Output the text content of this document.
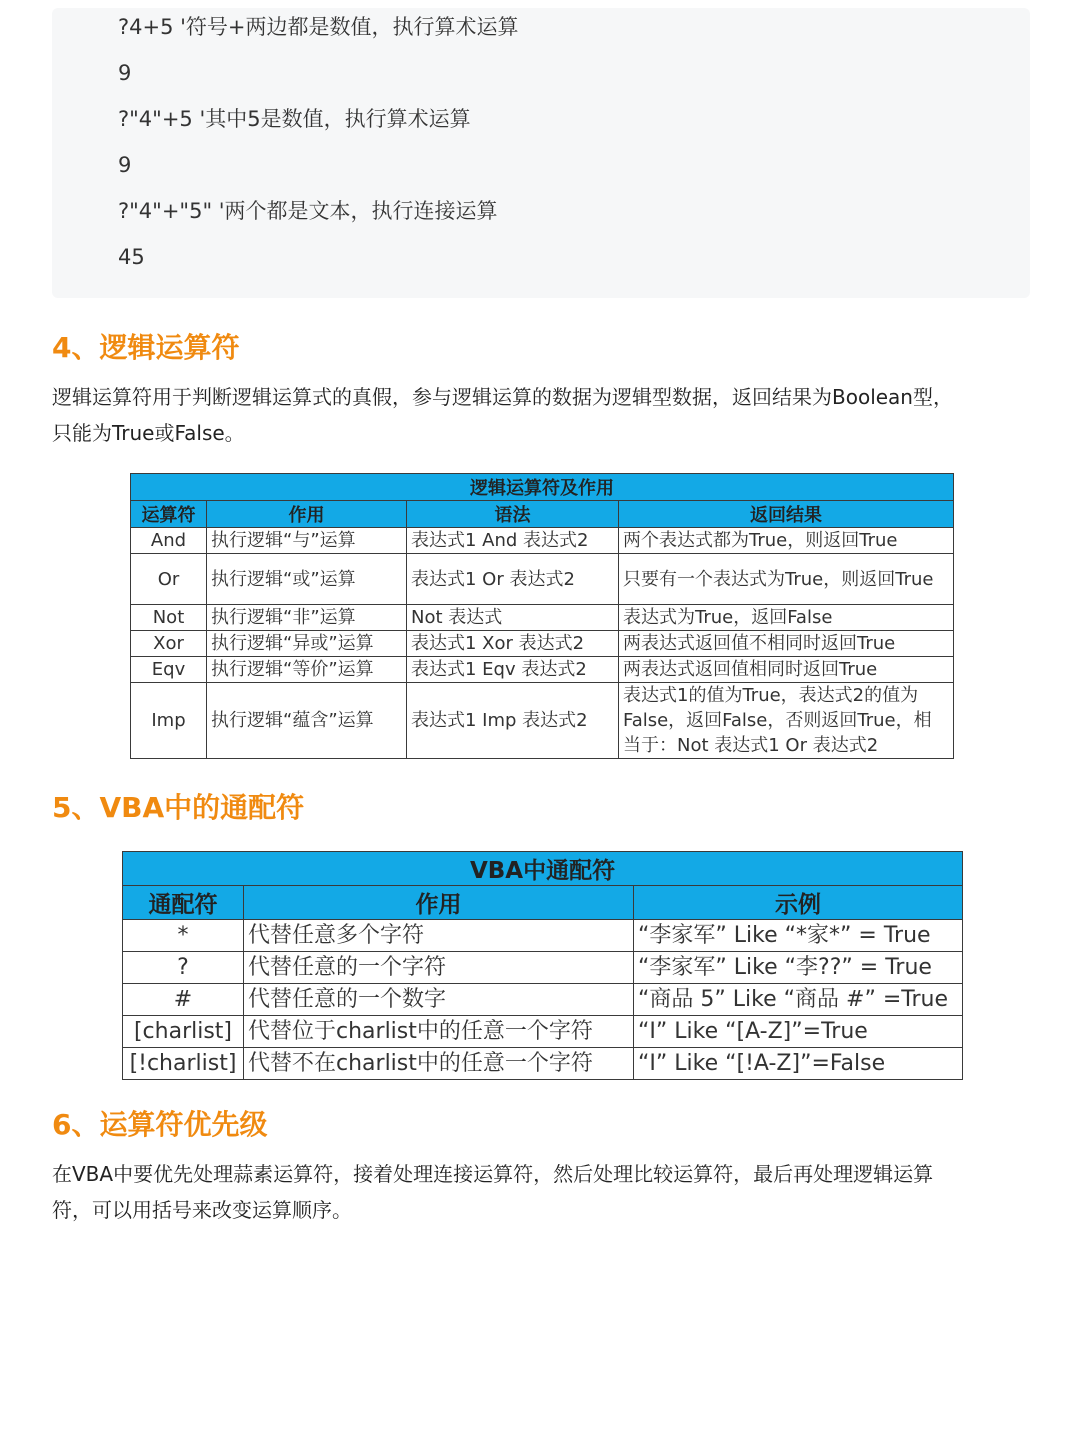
?4+5 '符号+两边都是数值，执行算术运算
9
?"4"+5 '其中5是数值，执行算术运算
9
?"4"+"5" '两个都是文本，执行连接运算
45
4、逻辑运算符
逻辑运算符用于判断逻辑运算式的真假，参与逻辑运算的数据为逻辑型数据，返回结果为Boolean型，
只能为True或False。
逻辑运算符及作用			
运算符	作用	语法	返回结果
And	执行逻辑“与”运算	表达式1 And 表达式2	两个表达式都为True，则返回True
Or	执行逻辑“或”运算	表达式1 Or 表达式2	只要有一个表达式为True，则返回True
Not	执行逻辑“非”运算	Not 表达式	表达式为True，返回False
Xor	执行逻辑“异或”运算	表达式1 Xor 表达式2	两表达式返回值不相同时返回True
Eqv	执行逻辑“等价”运算	表达式1 Eqv 表达式2	两表达式返回值相同时返回True
Imp	执行逻辑“蕴含”运算	表达式1 Imp 表达式2	表达式1的值为True，表达式2的值为False，返回False，否则返回True，相当于：Not 表达式1 Or 表达式2
5、VBA中的通配符
VBA中通配符		
通配符	作用	示例
*	代替任意多个字符	“李家军” Like “*家*” = True
?	代替任意的一个字符	“李家军” Like “李??” = True
#	代替任意的一个数字	“商品 5” Like “商品 #” =True
[charlist]	代替位于charlist中的任意一个字符	“I” Like “[A-Z]”=True
[!charlist]	代替不在charlist中的任意一个字符	“I” Like “[!A-Z]”=False
6、运算符优先级
在VBA中要优先处理蒜素运算符，接着处理连接运算符，然后处理比较运算符，最后再处理逻辑运算
符，可以用括号来改变运算顺序。
